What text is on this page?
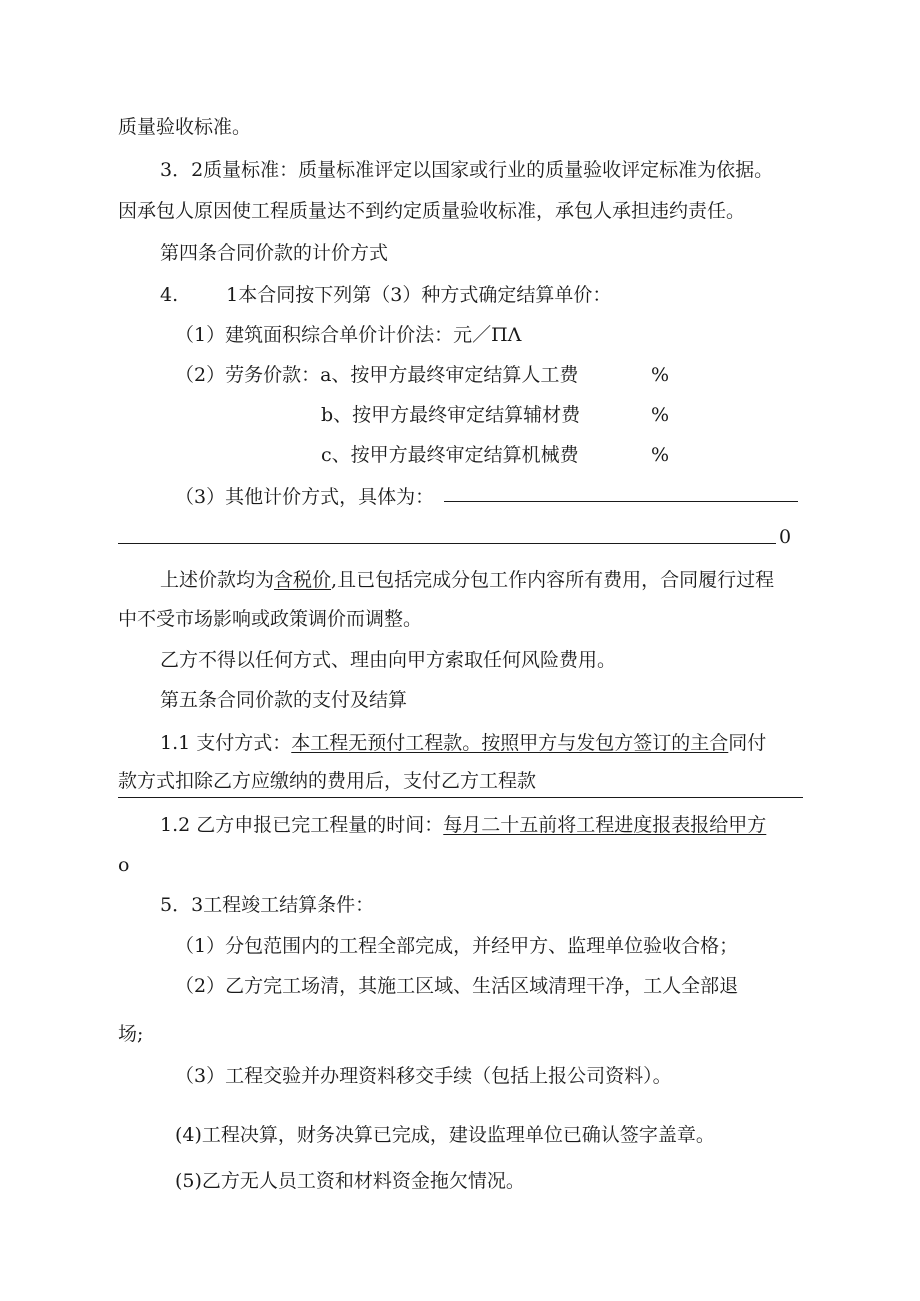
质量验收标准。
3．2质量标准：质量标准评定以国家或行业的质量验收评定标准为依据。
因承包人原因使工程质量达不到约定质量验收标准，承包人承担违约责任。
第四条合同价款的计价方式
4.	1本合同按下列第（3）种方式确定结算单价：
（1）建筑面积综合单价计价法：元／ΠΛ
（2）劳务价款：a、按甲方最终审定结算人工费	%
b、按甲方最终审定结算辅材费	%
c、按甲方最终审定结算机械费	%
（3）其他计价方式，具体为：
0
上述价款均为含税价,且已包括完成分包工作内容所有费用，合同履行过程
中不受市场影响或政策调价而调整。
乙方不得以任何方式、理由向甲方索取任何风险费用。
第五条合同价款的支付及结算
1.1 支付方式：本工程无预付工程款。按照甲方与发包方签订的主合同付
款方式扣除乙方应缴纳的费用后，支付乙方工程款
1.2 乙方申报已完工程量的时间：每月二十五前将工程进度报表报给甲方
o
5．3工程竣工结算条件：
（1）分包范围内的工程全部完成，并经甲方、监理单位验收合格；
（2）乙方完工场清，其施工区域、生活区域清理干净，工人全部退
场;
（3）工程交验并办理资料移交手续（包括上报公司资料）。
(4)工程决算，财务决算已完成，建设监理单位已确认签字盖章。
(5)乙方无人员工资和材料资金拖欠情况。
